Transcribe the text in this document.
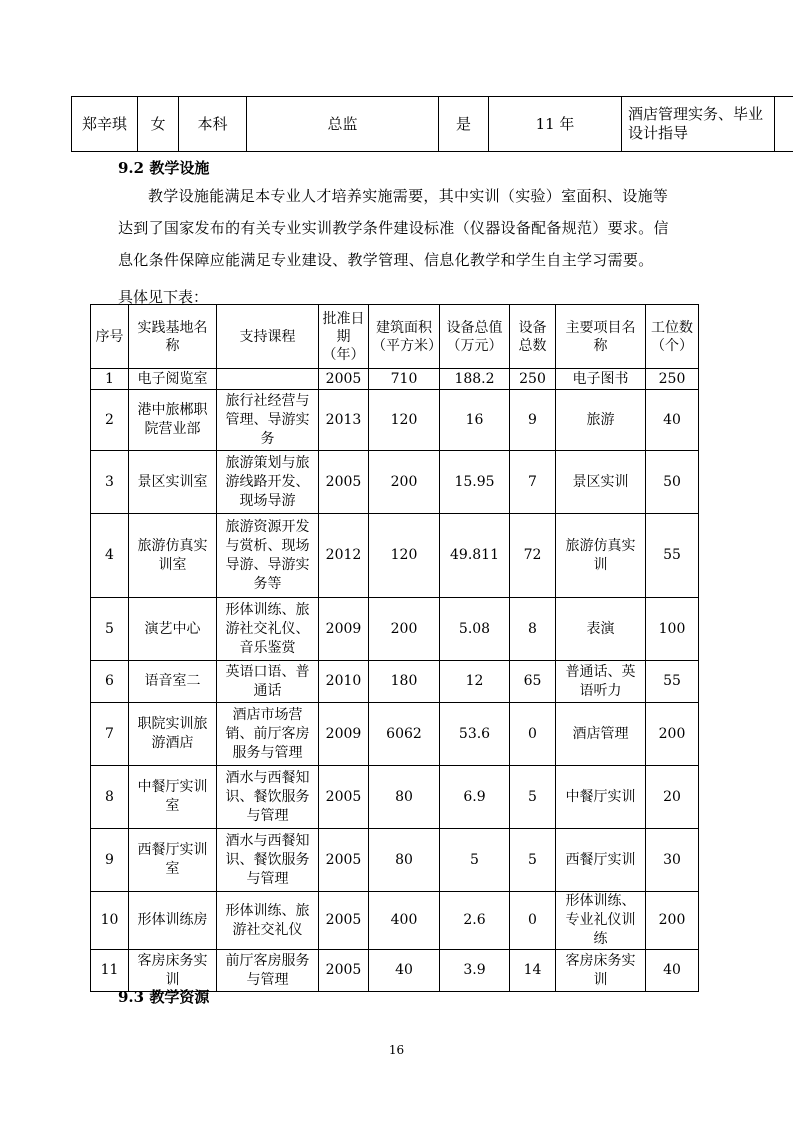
郑辛琪	女	本科	总监	是	11 年	酒店管理实务、毕业设计指导	
9.2 教学设施
教学设施能满足本专业人才培养实施需要，其中实训（实验）室面积、设施等达到了国家发布的有关专业实训教学条件建设标准（仪器设备配备规范）要求。信息化条件保障应能满足专业建设、教学管理、信息化教学和学生自主学习需要。
具体见下表：
序号	实践基地名　称	支持课程	批准日期（年）	建筑面积（平方米）	设备总值（万元）	设备总数	主要项目名　称	工位数（个）
1	电子阅览室		2005	710	188.2	250	电子图书	250
2	港中旅郴职院营业部	旅行社经营与管理、导游实务	2013	120	16	9	旅游	40
3	景区实训室	旅游策划与旅游线路开发、现场导游	2005	200	15.95	7	景区实训	50
4	旅游仿真实训室	旅游资源开发与赏析、现场导游、导游实务等	2012	120	49.811	72	旅游仿真实训	55
5	演艺中心	形体训练、旅游社交礼仪、音乐鉴赏	2009	200	5.08	8	表演	100
6	语音室二	英语口语、普通话	2010	180	12	65	普通话、英语听力	55
7	职院实训旅游酒店	酒店市场营销、前厅客房服务与管理	2009	6062	53.6	0	酒店管理	200
8	中餐厅实训室	酒水与西餐知识、餐饮服务与管理	2005	80	6.9	5	中餐厅实训	20
9	西餐厅实训室	酒水与西餐知识、餐饮服务与管理	2005	80	5	5	西餐厅实训	30
10	形体训练房	形体训练、旅游社交礼仪	2005	400	2.6	0	形体训练、专业礼仪训练	200
11	客房床务实训	前厅客房服务与管理	2005	40	3.9	14	客房床务实训	40
9.3 教学资源
16
